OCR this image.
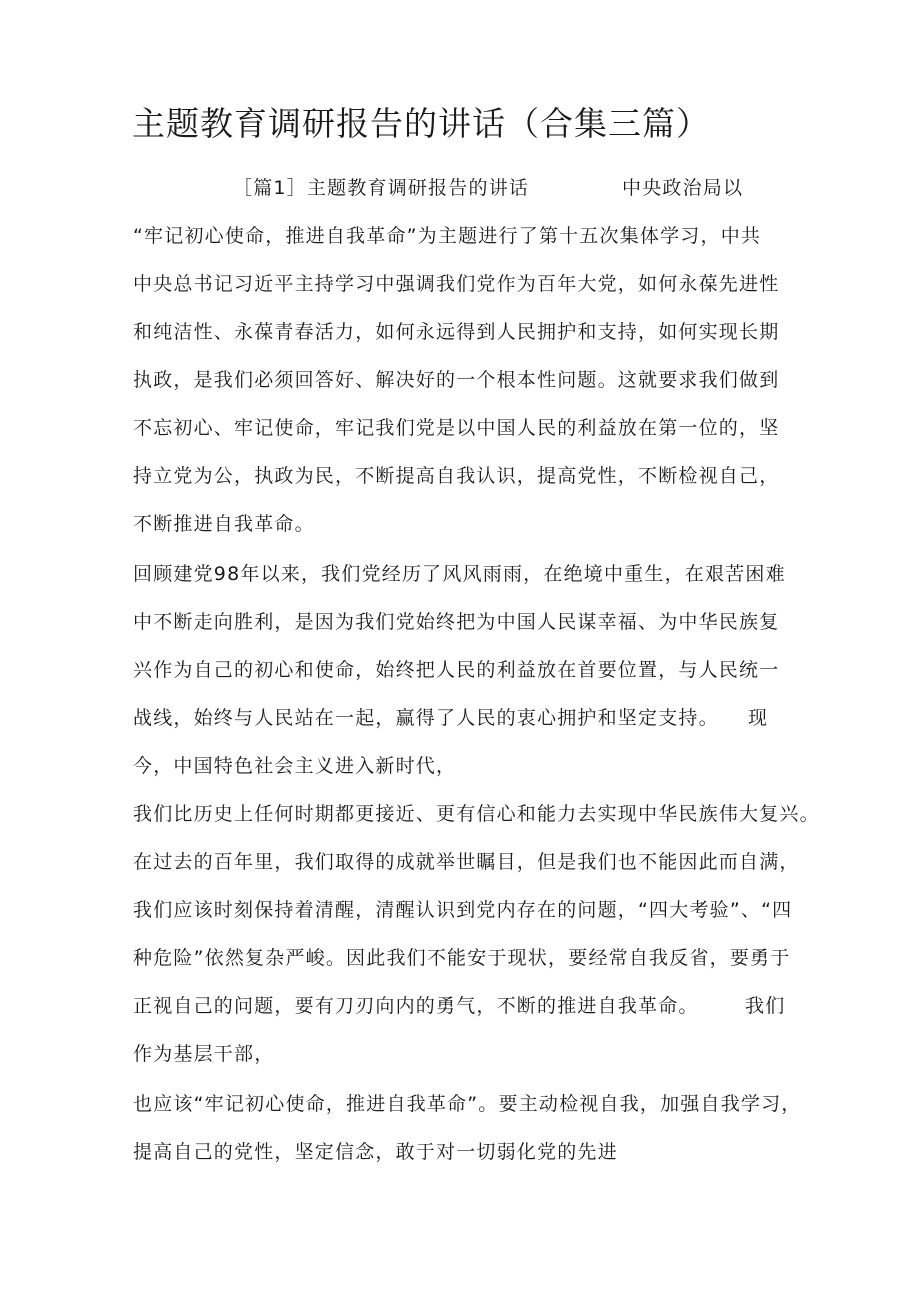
主题教育调研报告的讲话（合集三篇）
［篇1］主题教育调研报告的讲话	中央政治局以
“牢记初心使命，推进自我革命”为主题进行了第十五次集体学习，中共
中央总书记习近平主持学习中强调我们党作为百年大党，如何永葆先进性
和纯洁性、永葆青春活力，如何永远得到人民拥护和支持，如何实现长期
执政，是我们必须回答好、解决好的一个根本性问题。这就要求我们做到
不忘初心、牢记使命，牢记我们党是以中国人民的利益放在第一位的，坚
持立党为公，执政为民，不断提高自我认识，提高党性，不断检视自己，
不断推进自我革命。
回顾建党98年以来，我们党经历了风风雨雨，在绝境中重生，在艰苦困难
中不断走向胜利，是因为我们党始终把为中国人民谋幸福、为中华民族复
兴作为自己的初心和使命，始终把人民的利益放在首要位置，与人民统一
战线，始终与人民站在一起，赢得了人民的衷心拥护和坚定支持。 现
今，中国特色社会主义进入新时代，
我们比历史上任何时期都更接近、更有信心和能力去实现中华民族伟大复兴。
在过去的百年里，我们取得的成就举世瞩目，但是我们也不能因此而自满，
我们应该时刻保持着清醒，清醒认识到党内存在的问题，“四大考验”、“四
种危险”依然复杂严峻。因此我们不能安于现状，要经常自我反省，要勇于
正视自己的问题，要有刀刃向内的勇气，不断的推进自我革命。 我们
作为基层干部，
也应该“牢记初心使命，推进自我革命”。要主动检视自我，加强自我学习，
提高自己的党性，坚定信念，敢于对一切弱化党的先进
